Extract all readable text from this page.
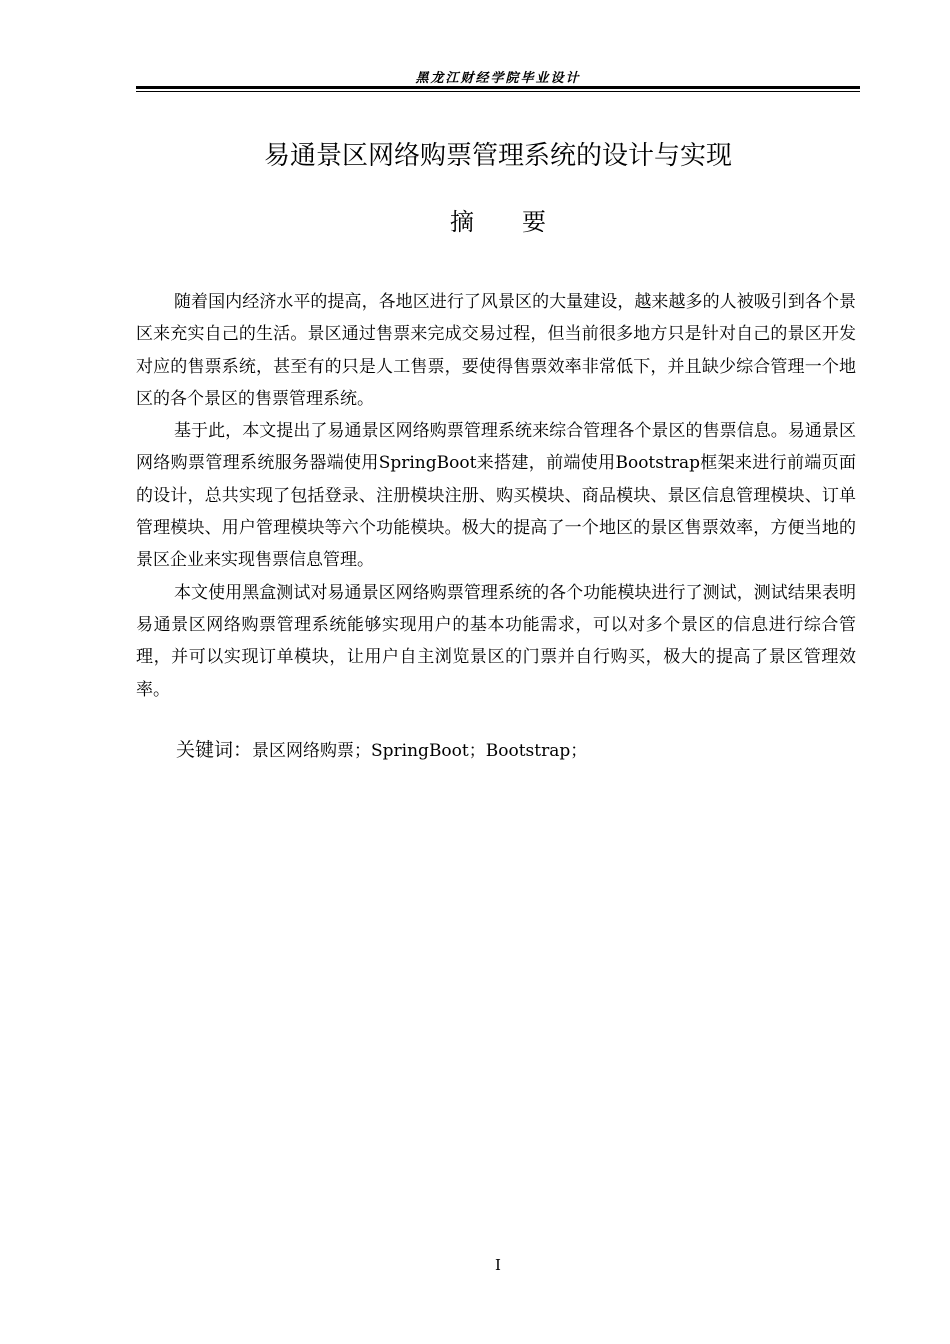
黑龙江财经学院毕业设计
易通景区网络购票管理系统的设计与实现
摘要

随着国内经济水平的提高，各地区进行了风景区的大量建设，越来越多的人被吸引到各个景区来充实自己的生活。景区通过售票来完成交易过程，但当前很多地方只是针对自己的景区开发对应的售票系统，甚至有的只是人工售票，要使得售票效率非常低下，并且缺少综合管理一个地区的各个景区的售票管理系统。

基于此，本文提出了易通景区网络购票管理系统来综合管理各个景区的售票信息。易通景区网络购票管理系统服务器端使用SpringBoot来搭建，前端使用Bootstrap框架来进行前端页面的设计，总共实现了包括登录、注册模块注册、购买模块、商品模块、景区信息管理模块、订单管理模块、用户管理模块等六个功能模块。极大的提高了一个地区的景区售票效率，方便当地的景区企业来实现售票信息管理。

本文使用黑盒测试对易通景区网络购票管理系统的各个功能模块进行了测试，测试结果表明易通景区网络购票管理系统能够实现用户的基本功能需求，可以对多个景区的信息进行综合管理，并可以实现订单模块，让用户自主浏览景区的门票并自行购买，极大的提高了景区管理效率。

关键词：景区网络购票；SpringBoot；Bootstrap；
I
